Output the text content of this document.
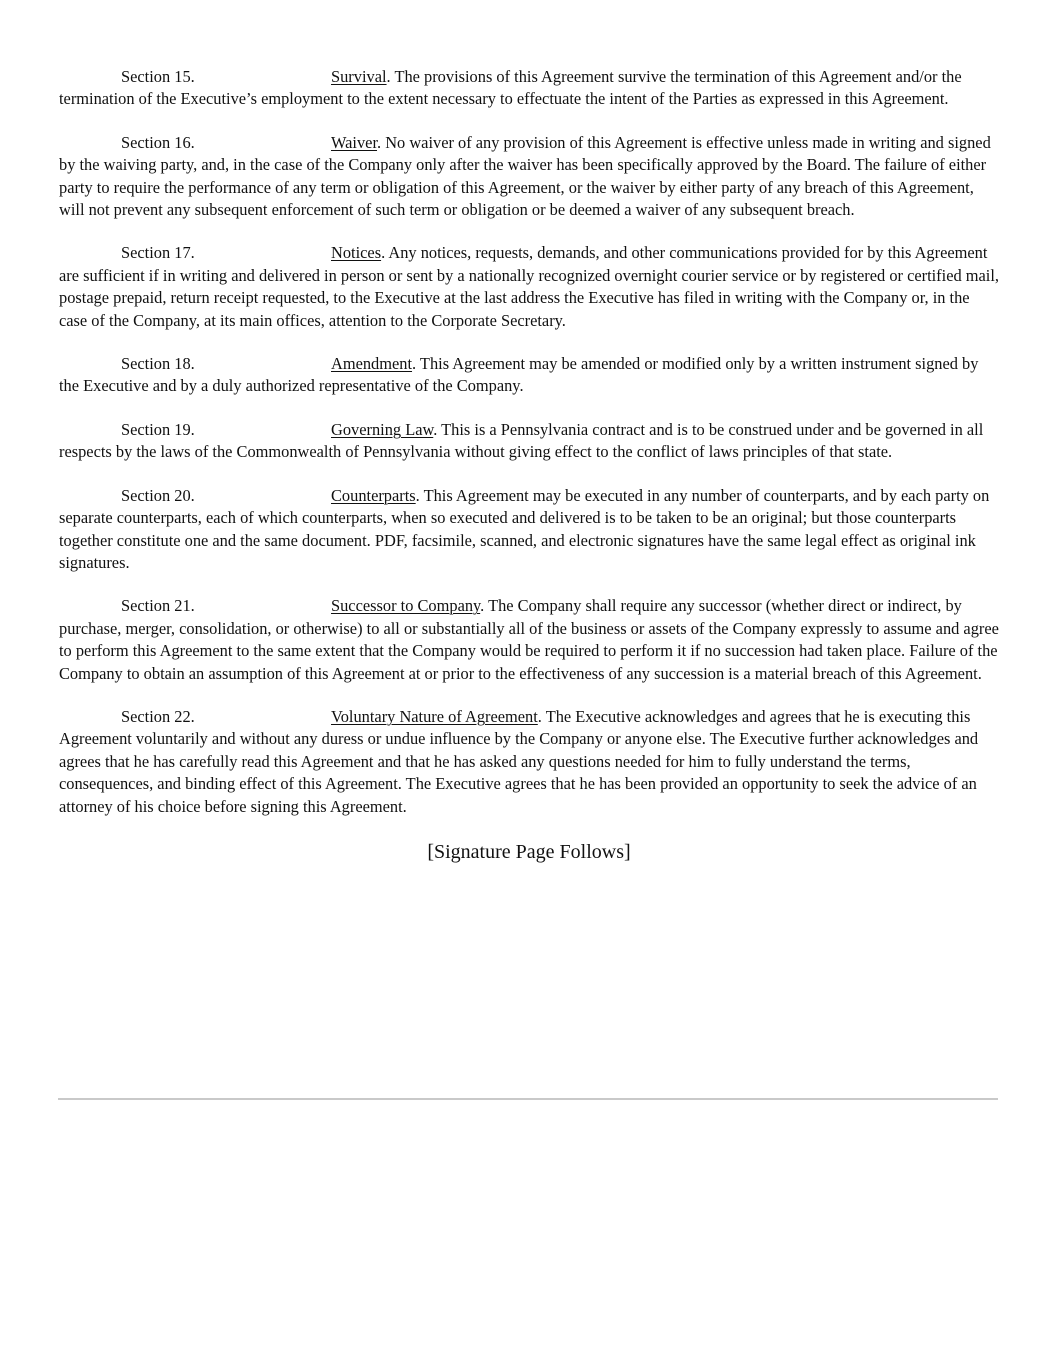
Section 15.	Survival. The provisions of this Agreement survive the termination of this Agreement and/or the termination of the Executive’s employment to the extent necessary to effectuate the intent of the Parties as expressed in this Agreement.

Section 16.	Waiver. No waiver of any provision of this Agreement is effective unless made in writing and signed by the waiving party, and, in the case of the Company only after the waiver has been specifically approved by the Board. The failure of either party to require the performance of any term or obligation of this Agreement, or the waiver by either party of any breach of this Agreement, will not prevent any subsequent enforcement of such term or obligation or be deemed a waiver of any subsequent breach.

Section 17.	Notices. Any notices, requests, demands, and other communications provided for by this Agreement are sufficient if in writing and delivered in person or sent by a nationally recognized overnight courier service or by registered or certified mail, postage prepaid, return receipt requested, to the Executive at the last address the Executive has filed in writing with the Company or, in the case of the Company, at its main offices, attention to the Corporate Secretary.

Section 18.	Amendment. This Agreement may be amended or modified only by a written instrument signed by the Executive and by a duly authorized representative of the Company.

Section 19.	Governing Law. This is a Pennsylvania contract and is to be construed under and be governed in all respects by the laws of the Commonwealth of Pennsylvania without giving effect to the conflict of laws principles of that state.

Section 20.	Counterparts. This Agreement may be executed in any number of counterparts, and by each party on separate counterparts, each of which counterparts, when so executed and delivered is to be taken to be an original; but those counterparts together constitute one and the same document. PDF, facsimile, scanned, and electronic signatures have the same legal effect as original ink signatures.

Section 21.	Successor to Company. The Company shall require any successor (whether direct or indirect, by purchase, merger, consolidation, or otherwise) to all or substantially all of the business or assets of the Company expressly to assume and agree to perform this Agreement to the same extent that the Company would be required to perform it if no succession had taken place. Failure of the Company to obtain an assumption of this Agreement at or prior to the effectiveness of any succession is a material breach of this Agreement.

Section 22.	Voluntary Nature of Agreement. The Executive acknowledges and agrees that he is executing this Agreement voluntarily and without any duress or undue influence by the Company or anyone else. The Executive further acknowledges and agrees that he has carefully read this Agreement and that he has asked any questions needed for him to fully understand the terms, consequences, and binding effect of this Agreement. The Executive agrees that he has been provided an opportunity to seek the advice of an attorney of his choice before signing this Agreement.

[Signature Page Follows]
